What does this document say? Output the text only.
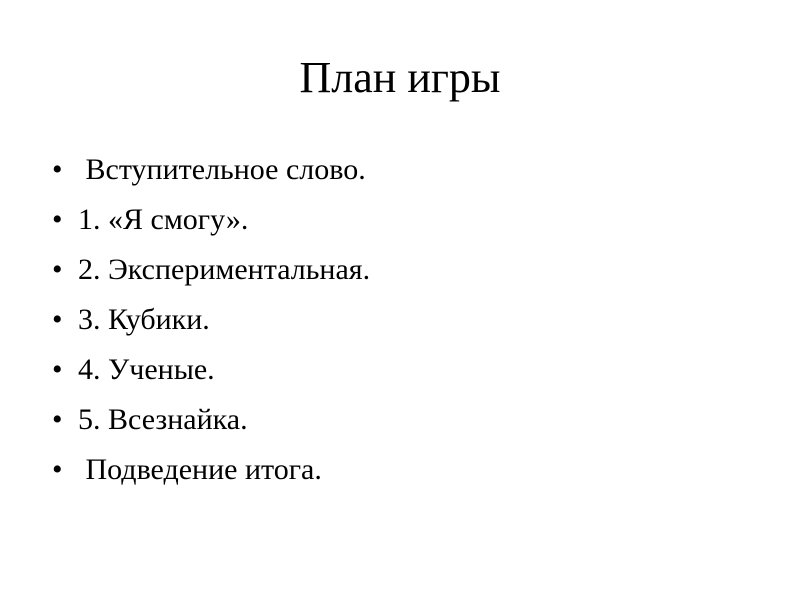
План игры
• Вступительное слово.
• 1. «Я смогу».
• 2. Экспериментальная.
• 3. Кубики.
• 4. Ученые.
• 5. Всезнайка.
• Подведение итога.
